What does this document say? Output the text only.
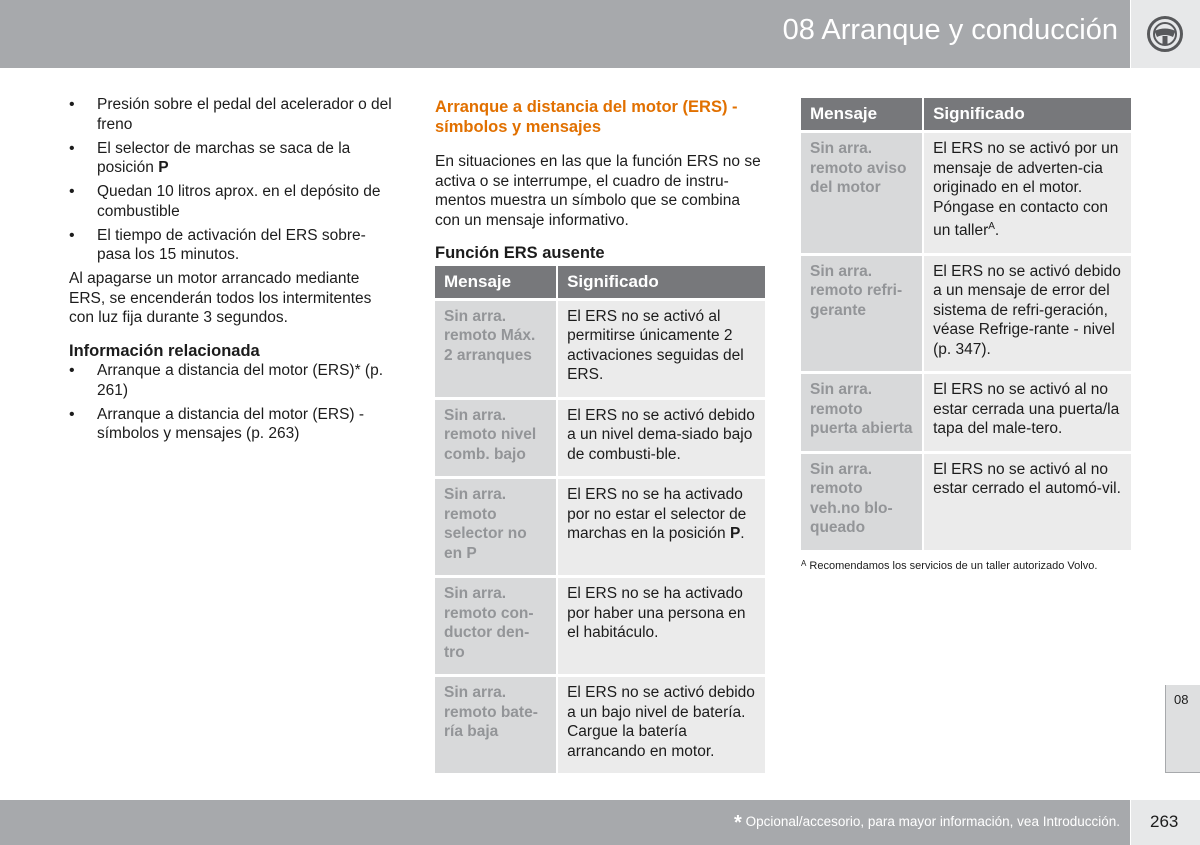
08 Arranque y conducción
• Presión sobre el pedal del acelerador o del freno
• El selector de marchas se saca de la posición P
• Quedan 10 litros aprox. en el depósito de combustible
• El tiempo de activación del ERS sobre-pasa los 15 minutos.

Al apagarse un motor arrancado mediante ERS, se encenderán todos los intermitentes con luz fija durante 3 segundos.

Información relacionada
• Arranque a distancia del motor (ERS)* (p. 261)
• Arranque a distancia del motor (ERS) - símbolos y mensajes (p. 263)
Arranque a distancia del motor (ERS) - símbolos y mensajes

En situaciones en las que la función ERS no se activa o se interrumpe, el cuadro de instru-mentos muestra un símbolo que se combina con un mensaje informativo.

Función ERS ausente
Mensaje	Significado
Sin arra. remoto Máx. 2 arranques	El ERS no se activó al permitirse únicamente 2 activaciones seguidas del ERS.
Sin arra. remoto nivel comb. bajo	El ERS no se activó debido a un nivel dema-siado bajo de combusti-ble.
Sin arra. remoto selector no en P	El ERS no se ha activado por no estar el selector de marchas en la posición P.
Sin arra. remoto con-ductor den-tro	El ERS no se ha activado por haber una persona en el habitáculo.
Sin arra. remoto bate-ría baja	El ERS no se activó debido a un bajo nivel de batería. Cargue la batería arrancando en motor.
Mensaje	Significado
Sin arra. remoto aviso del motor	El ERS no se activó por un mensaje de adverten-cia originado en el motor. Póngase en contacto con un taller$^A$.
Sin arra. remoto refri-gerante	El ERS no se activó debido a un mensaje de error del sistema de refri-geración, véase Refrige-rante - nivel (p. 347).
Sin arra. remoto puerta abierta	El ERS no se activó al no estar cerrada una puerta/la tapa del male-tero.
Sin arra. remoto veh.no blo-queado	El ERS no se activó al no estar cerrado el automó-vil.
$^A$ Recomendamos los servicios de un taller autorizado Volvo.
08
* Opcional/accesorio, para mayor información, vea Introducción. 263
